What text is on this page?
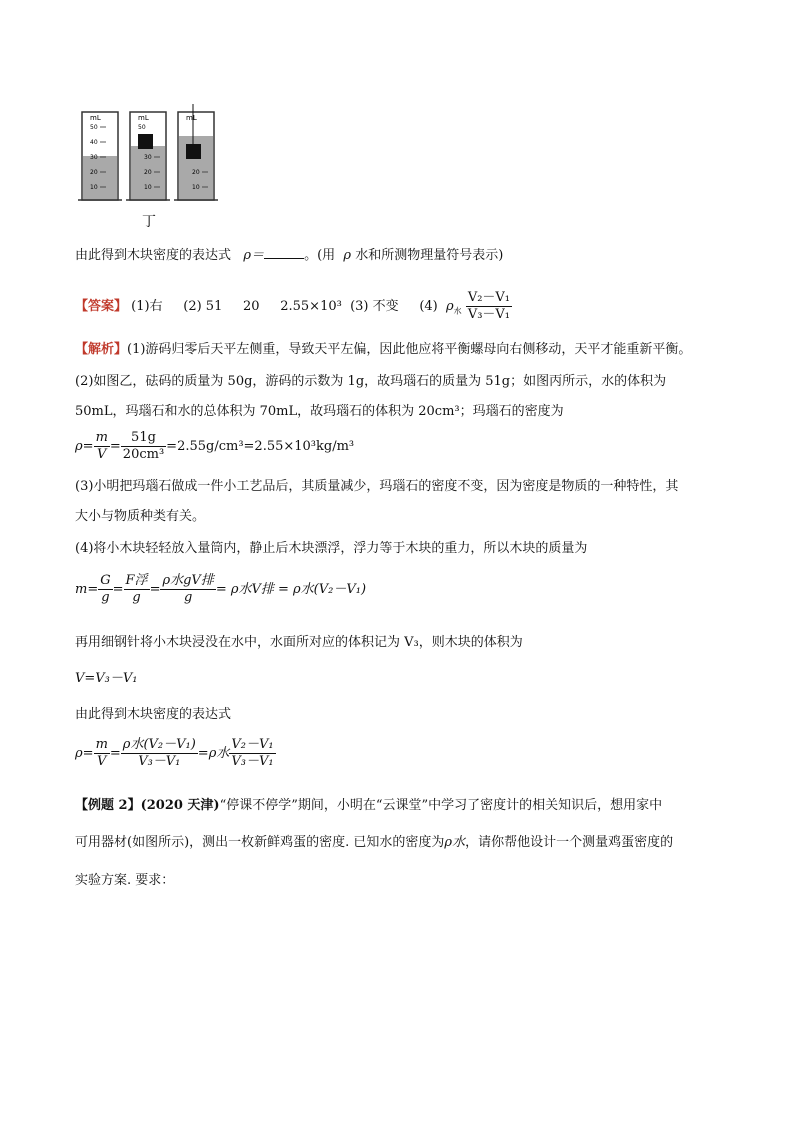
mL
50
40
30
20
10
mL
50
30
20
10
mL
20
10
丁
由此得到木块密度的表达式 ρ＝	。(用 ρ 水和所测物理量符号表示)
【答案】 (1)右 (2) 51 20 2.55×10³ (3) 不变 (4) $\rho_水 \frac{\text{V₂－V₁}}{\text{V₃－V₁}}$
【解析】(1)游码归零后天平左侧重，导致天平左偏，因此他应将平衡螺母向右侧移动，天平才能重新平衡。
(2)如图乙，砝码的质量为 50g，游码的示数为 1g，故玛瑙石的质量为 51g；如图丙所示，水的体积为
50mL，玛瑙石和水的总体积为 70mL，故玛瑙石的体积为 20cm³；玛瑙石的密度为
$\rho= \frac{m}{V} = \frac{51g}{\text{20cm³}} =2.55g/cm^3=2.55\times 10^3kg/m^3$
(3)小明把玛瑙石做成一件小工艺品后，其质量减少，玛瑙石的密度不变，因为密度是物质的一种特性，其
大小与物质种类有关。
(4)将小木块轻轻放入量筒内，静止后木块漂浮，浮力等于木块的重力，所以木块的质量为
$m= \frac{G}{g} = \frac{\text{F浮}}{g} = \frac{\text{ρ水gV排}}{g} = \rho$水V排 = ρ水(V₂－V₁)
再用细钢针将小木块浸没在水中，水面所对应的体积记为 V₃，则木块的体积为
V=V₃－V₁
由此得到木块密度的表达式
$\rho= \frac{m}{V} = \frac{\text{ρ水(V₂－V₁)}}{\text{V₃－V₁}} =\rho$水 $\frac{\text{V₂－V₁}}{\text{V₃－V₁}}$
【例题 2】(2020 天津)“停课不停学”期间，小明在“云课堂”中学习了密度计的相关知识后，想用家中
可用器材(如图所示)，测出一枚新鲜鸡蛋的密度. 已知水的密度为ρ水，请你帮他设计一个测量鸡蛋密度的
实验方案. 要求：
